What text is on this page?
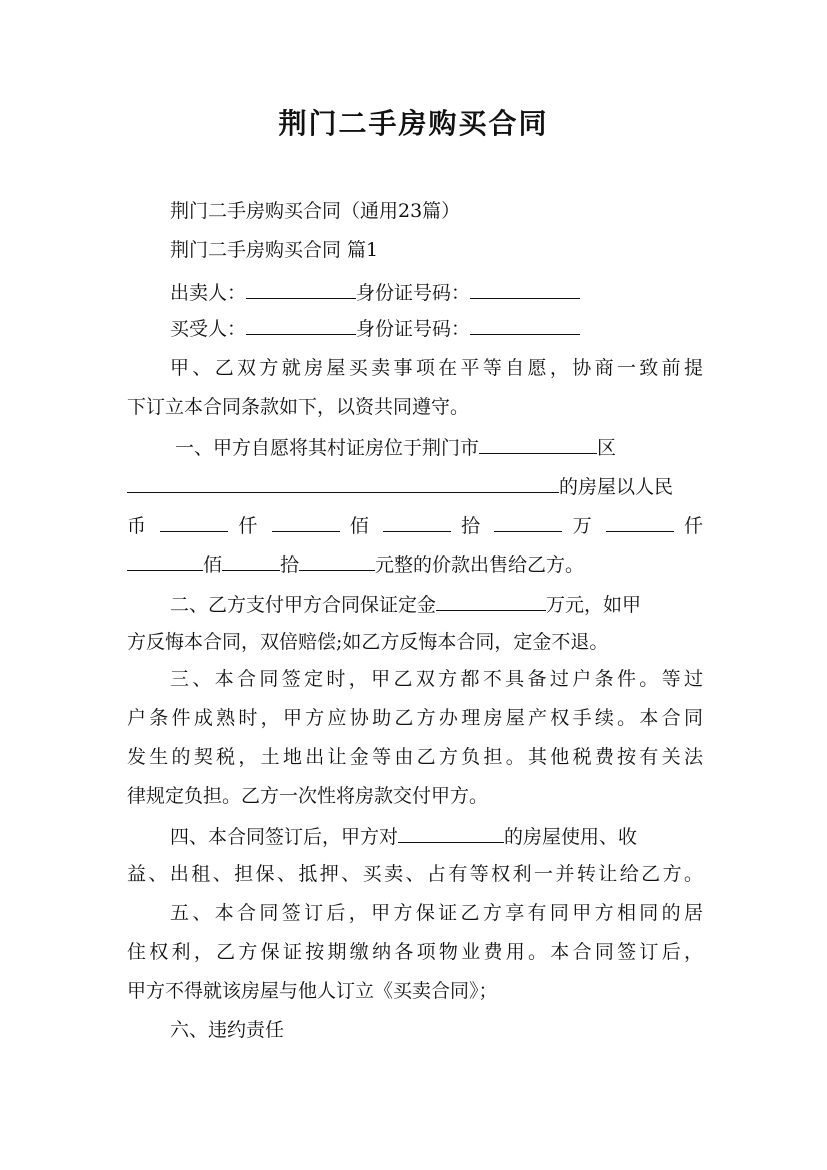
荆门二手房购买合同
荆门二手房购买合同（通用23篇）
荆门二手房购买合同 篇1
出卖人：	身份证号码：
买受人：	身份证号码：
甲、乙双方就房屋买卖事项在平等自愿，协商一致前提
下订立本合同条款如下，以资共同遵守。
一、甲方自愿将其村证房位于荆门市	区
的房屋以人民
币	仟	佰	拾	万	仟
佰	拾	元整的价款出售给乙方。
二、乙方支付甲方合同保证定金	万元，如甲
方反悔本合同，双倍赔偿;如乙方反悔本合同，定金不退。
三、本合同签定时，甲乙双方都不具备过户条件。等过
户条件成熟时，甲方应协助乙方办理房屋产权手续。本合同
发生的契税，土地出让金等由乙方负担。其他税费按有关法
律规定负担。乙方一次性将房款交付甲方。
四、本合同签订后，甲方对	的房屋使用、收
益、出租、担保、抵押、买卖、占有等权利一并转让给乙方。
五、本合同签订后，甲方保证乙方享有同甲方相同的居
住权利，乙方保证按期缴纳各项物业费用。本合同签订后，
甲方不得就该房屋与他人订立《买卖合同》；
六、违约责任
